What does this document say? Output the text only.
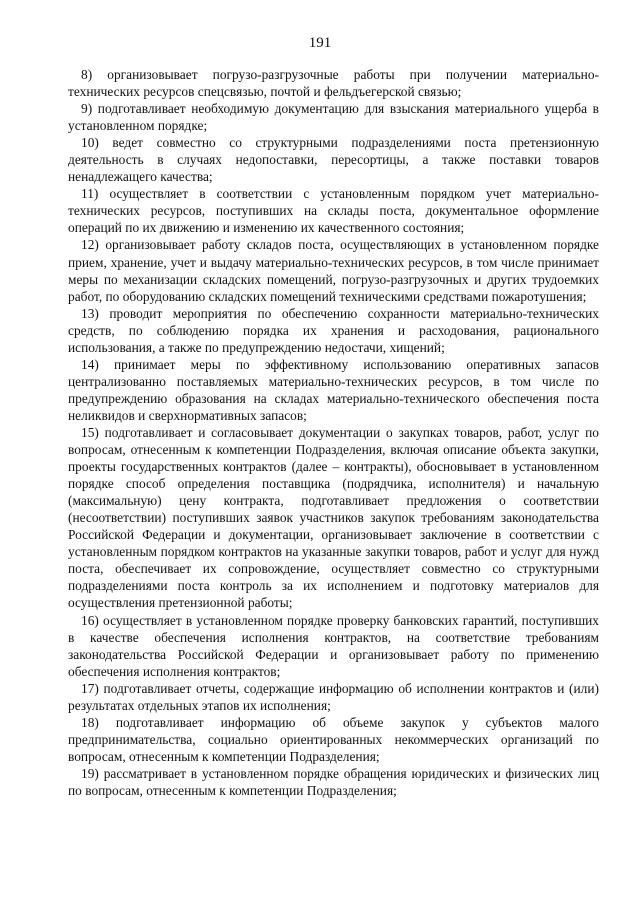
191

8) организовывает погрузо-разгрузочные работы при получении материально-технических ресурсов спецсвязью, почтой и фельдъегерской связью;

9) подготавливает необходимую документацию для взыскания материального ущерба в установленном порядке;

10) ведет совместно со структурными подразделениями поста претензионную деятельность в случаях недопоставки, пересортицы, а также поставки товаров ненадлежащего качества;

11) осуществляет в соответствии с установленным порядком учет материально-технических ресурсов, поступивших на склады поста, документальное оформление операций по их движению и изменению их качественного состояния;

12) организовывает работу складов поста, осуществляющих в установленном порядке прием, хранение, учет и выдачу материально-технических ресурсов, в том числе принимает меры по механизации складских помещений, погрузо-разгрузочных и других трудоемких работ, по оборудованию складских помещений техническими средствами пожаротушения;

13) проводит мероприятия по обеспечению сохранности материально-технических средств, по соблюдению порядка их хранения и расходования, рационального использования, а также по предупреждению недостачи, хищений;

14) принимает меры по эффективному использованию оперативных запасов централизованно поставляемых материально-технических ресурсов, в том числе по предупреждению образования на складах материально-технического обеспечения поста неликвидов и сверхнормативных запасов;

15) подготавливает и согласовывает документации о закупках товаров, работ, услуг по вопросам, отнесенным к компетенции Подразделения, включая описание объекта закупки, проекты государственных контрактов (далее – контракты), обосновывает в установленном порядке способ определения поставщика (подрядчика, исполнителя) и начальную (максимальную) цену контракта, подготавливает предложения о соответствии (несоответствии) поступивших заявок участников закупок требованиям законодательства Российской Федерации и документации, организовывает заключение в соответствии с установленным порядком контрактов на указанные закупки товаров, работ и услуг для нужд поста, обеспечивает их сопровождение, осуществляет совместно со структурными подразделениями поста контроль за их исполнением и подготовку материалов для осуществления претензионной работы;

16) осуществляет в установленном порядке проверку банковских гарантий, поступивших в качестве обеспечения исполнения контрактов, на соответствие требованиям законодательства Российской Федерации и организовывает работу по применению обеспечения исполнения контрактов;

17) подготавливает отчеты, содержащие информацию об исполнении контрактов и (или) результатах отдельных этапов их исполнения;

18) подготавливает информацию об объеме закупок у субъектов малого предпринимательства, социально ориентированных некоммерческих организаций по вопросам, отнесенным к компетенции Подразделения;

19) рассматривает в установленном порядке обращения юридических и физических лиц по вопросам, отнесенным к компетенции Подразделения;
